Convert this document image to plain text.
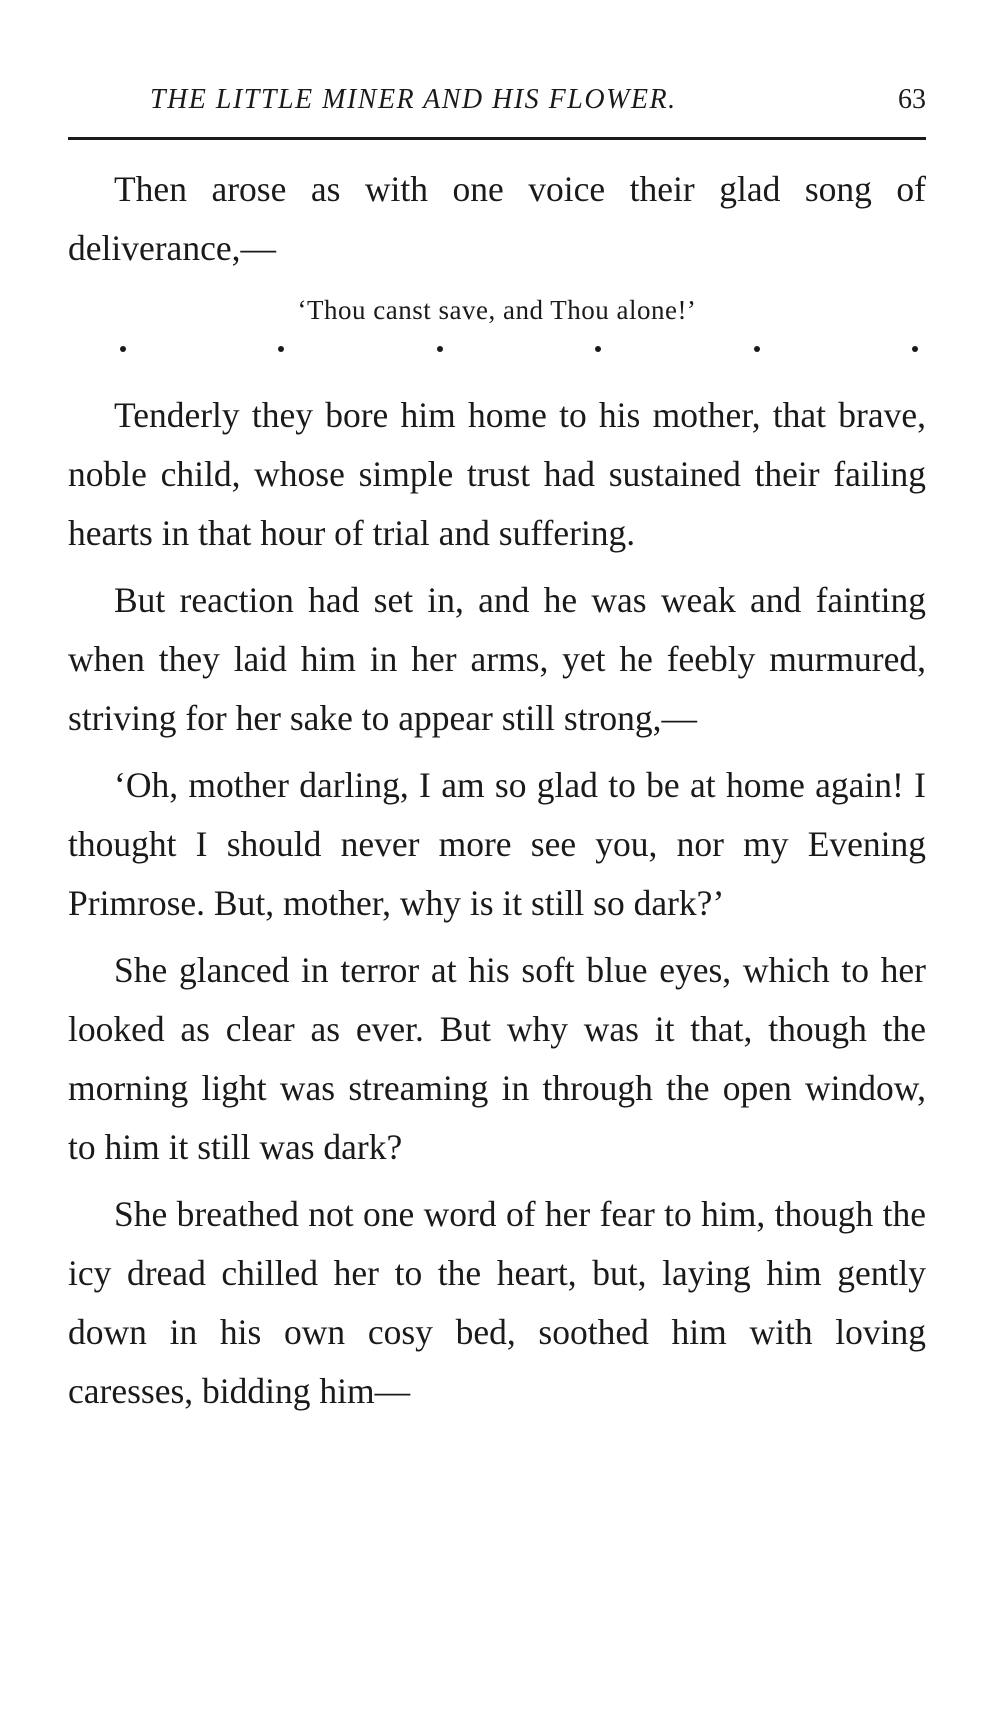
THE LITTLE MINER AND HIS FLOWER.	63

Then arose as with one voice their glad song of deliverance,—

‘Thou canst save, and Thou alone!’

Tenderly they bore him home to his mother, that brave, noble child, whose simple trust had sustained their failing hearts in that hour of trial and suffering.

But reaction had set in, and he was weak and fainting when they laid him in her arms, yet he feebly murmured, striving for her sake to appear still strong,—

‘Oh, mother darling, I am so glad to be at home again! I thought I should never more see you, nor my Evening Primrose. But, mother, why is it still so dark?’

She glanced in terror at his soft blue eyes, which to her looked as clear as ever. But why was it that, though the morning light was streaming in through the open window, to him it still was dark?

She breathed not one word of her fear to him, though the icy dread chilled her to the heart, but, laying him gently down in his own cosy bed, soothed him with loving caresses, bidding him—
